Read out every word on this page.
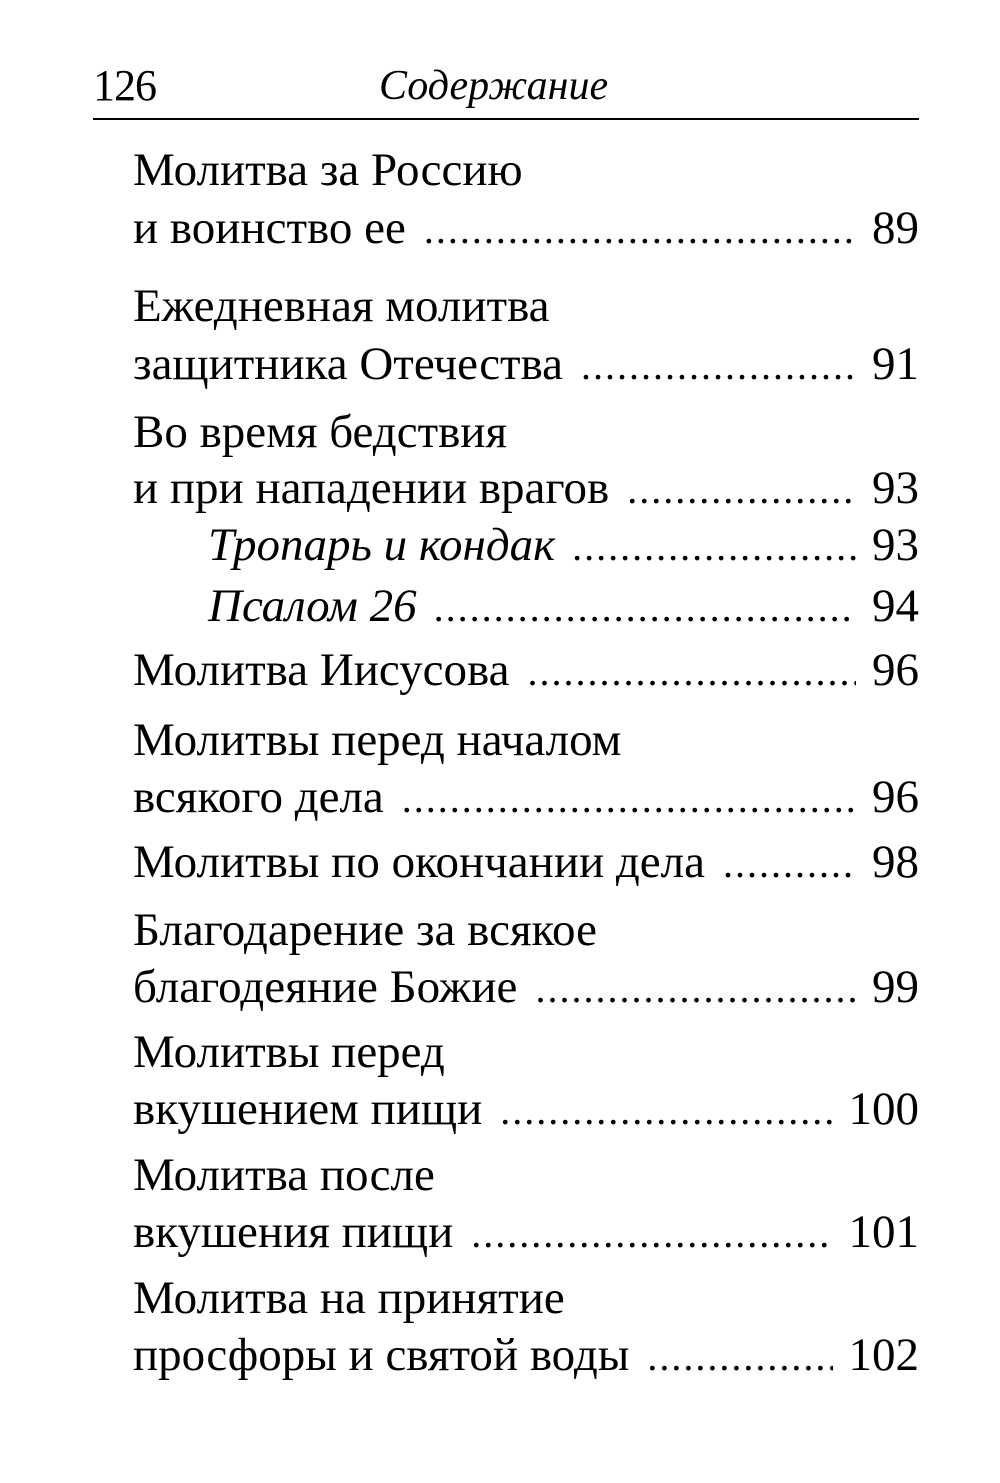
126	Содержание
Молитва за Россию
и воинство ее .....	89
Ежедневная молитва
защитника Отечества .....	91
Во время бедствия
и при нападении врагов .....	93
Тропарь и кондак .....	93
Псалом 26 .....	94
Молитва Иисусова .....	96
Молитвы перед началом
всякого дела .....	96
Молитвы по окончании дела .....	98
Благодарение за всякое
благодеяние Божие .....	99
Молитвы перед
вкушением пищи .....	100
Молитва после
вкушения пищи .....	101
Молитва на принятие
просфоры и святой воды .....	102
